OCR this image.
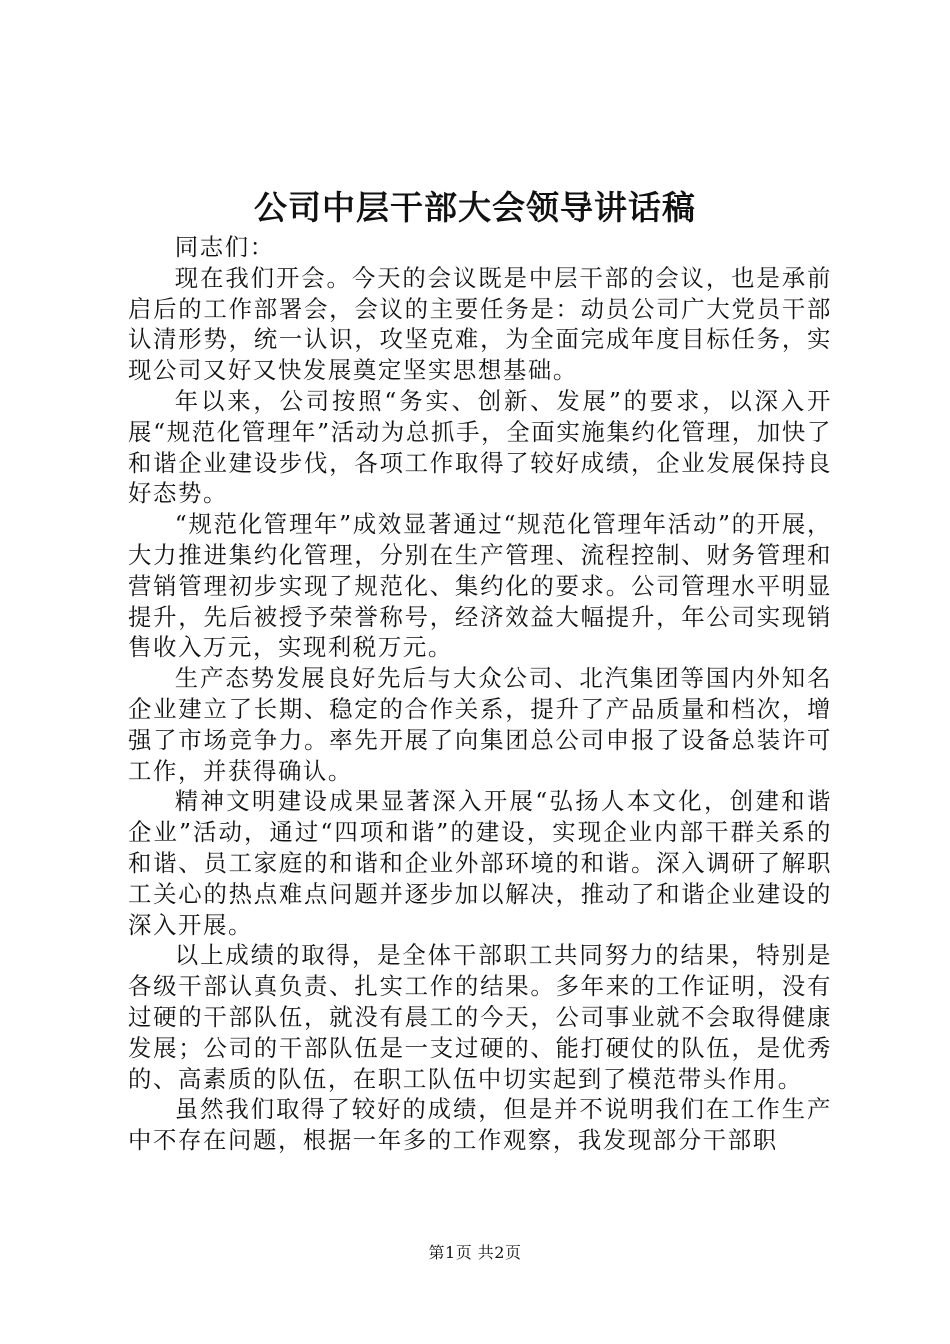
公司中层干部大会领导讲话稿

同志们：

现在我们开会。今天的会议既是中层干部的会议，也是承前启后的工作部署会，会议的主要任务是：动员公司广大党员干部认清形势，统一认识，攻坚克难，为全面完成年度目标任务，实现公司又好又快发展奠定坚实思想基础。

年以来，公司按照“务实、创新、发展”的要求，以深入开展“规范化管理年”活动为总抓手，全面实施集约化管理，加快了和谐企业建设步伐，各项工作取得了较好成绩，企业发展保持良好态势。

“规范化管理年”成效显著通过“规范化管理年活动”的开展，大力推进集约化管理，分别在生产管理、流程控制、财务管理和营销管理初步实现了规范化、集约化的要求。公司管理水平明显提升，先后被授予荣誉称号，经济效益大幅提升，年公司实现销售收入万元，实现利税万元。

生产态势发展良好先后与大众公司、北汽集团等国内外知名企业建立了长期、稳定的合作关系，提升了产品质量和档次，增强了市场竞争力。率先开展了向集团总公司申报了设备总装许可工作，并获得确认。

精神文明建设成果显著深入开展“弘扬人本文化，创建和谐企业”活动，通过“四项和谐”的建设，实现企业内部干群关系的和谐、员工家庭的和谐和企业外部环境的和谐。深入调研了解职工关心的热点难点问题并逐步加以解决，推动了和谐企业建设的深入开展。

以上成绩的取得，是全体干部职工共同努力的结果，特别是各级干部认真负责、扎实工作的结果。多年来的工作证明，没有过硬的干部队伍，就没有晨工的今天，公司事业就不会取得健康发展；公司的干部队伍是一支过硬的、能打硬仗的队伍，是优秀的、高素质的队伍，在职工队伍中切实起到了模范带头作用。

虽然我们取得了较好的成绩，但是并不说明我们在工作生产中不存在问题，根据一年多的工作观察，我发现部分干部职

第1页 共2页
